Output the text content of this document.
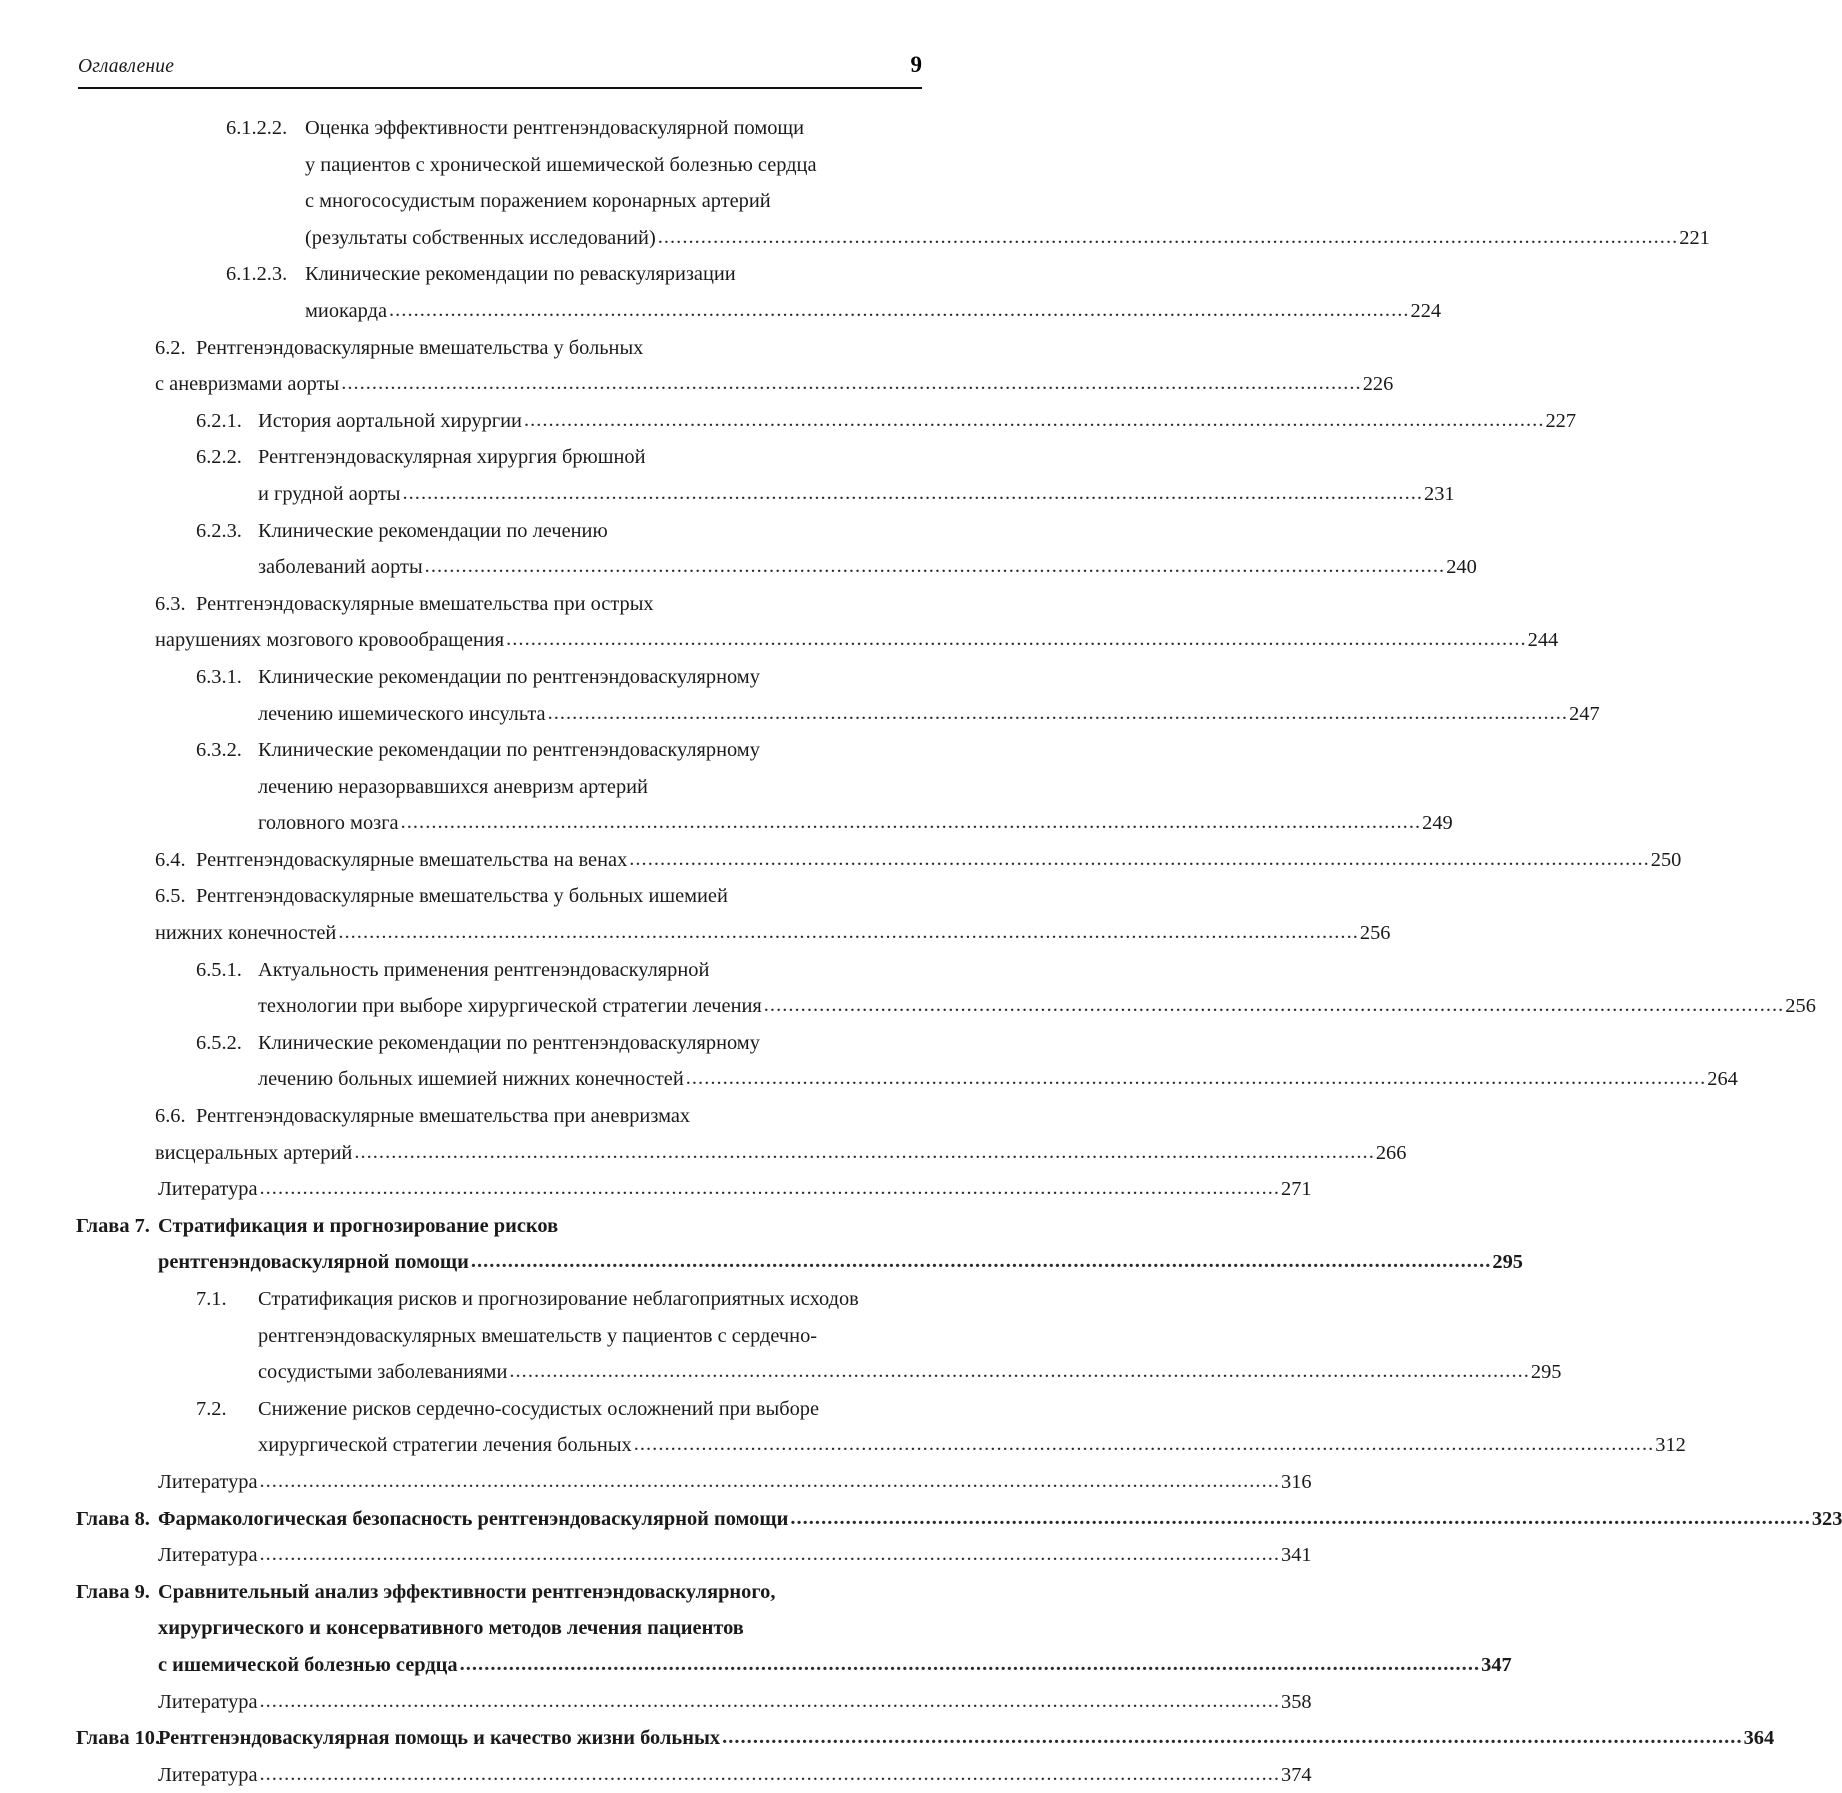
Оглавление	9
6.1.2.2. Оценка эффективности рентгенэндоваскулярной помощи
у пациентов с хронической ишемической болезнью сердца
с многососудистым поражением коронарных артерий
(результаты собственных исследований) .....	221
6.1.2.3. Клинические рекомендации по реваскуляризации
миокарда .....	224
6.2. Рентгенэндоваскулярные вмешательства у больных
с аневризмами аорты .....	226
6.2.1. История аортальной хирургии .....	227
6.2.2. Рентгенэндоваскулярная хирургия брюшной
и грудной аорты .....	231
6.2.3. Клинические рекомендации по лечению
заболеваний аорты .....	240
6.3. Рентгенэндоваскулярные вмешательства при острых
нарушениях мозгового кровообращения .....	244
6.3.1. Клинические рекомендации по рентгенэндоваскулярному
лечению ишемического инсульта .....	247
6.3.2. Клинические рекомендации по рентгенэндоваскулярному
лечению неразорвавшихся аневризм артерий
головного мозга .....	249
6.4. Рентгенэндоваскулярные вмешательства на венах .....	250
6.5. Рентгенэндоваскулярные вмешательства у больных ишемией
нижних конечностей .....	256
6.5.1. Актуальность применения рентгенэндоваскулярной
технологии при выборе хирургической стратегии лечения .....	256
6.5.2. Клинические рекомендации по рентгенэндоваскулярному
лечению больных ишемией нижних конечностей .....	264
6.6. Рентгенэндоваскулярные вмешательства при аневризмах
висцеральных артерий .....	266
Литература .....	271
Глава 7. Стратификация и прогнозирование рисков
рентгенэндоваскулярной помощи .....	295
7.1. Стратификация рисков и прогнозирование неблагоприятных исходов
рентгенэндоваскулярных вмешательств у пациентов с сердечно-
сосудистыми заболеваниями .....	295
7.2. Снижение рисков сердечно-сосудистых осложнений при выборе
хирургической стратегии лечения больных .....	312
Литература .....	316
Глава 8. Фармакологическая безопасность рентгенэндоваскулярной помощи .....	323
Литература .....	341
Глава 9. Сравнительный анализ эффективности рентгенэндоваскулярного,
хирургического и консервативного методов лечения пациентов
с ишемической болезнью сердца .....	347
Литература .....	358
Глава 10.
Рентгенэндоваскулярная помощь и качество жизни больных .....	364
Литература .....	374
